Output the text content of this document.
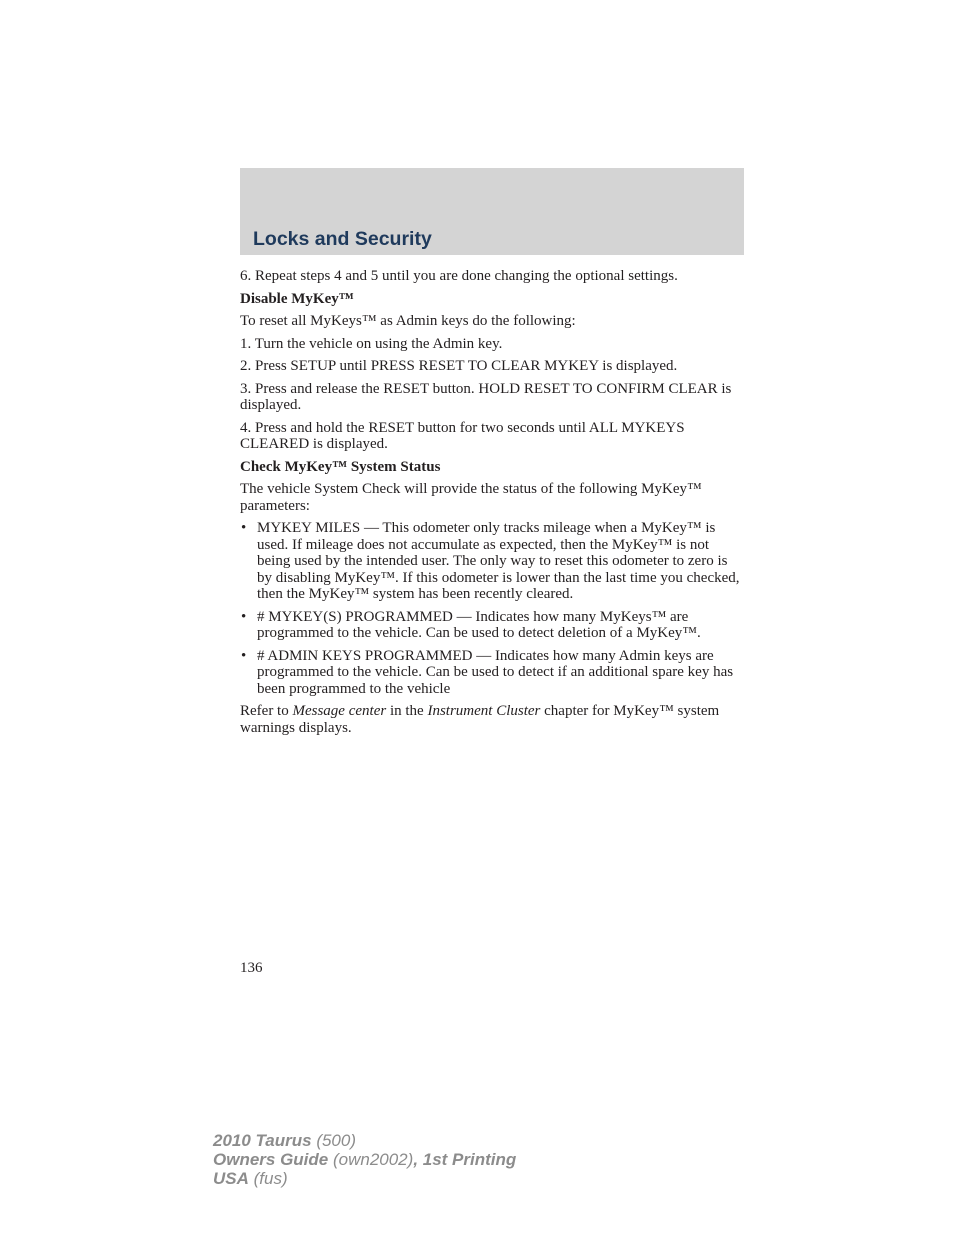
Locks and Security

6. Repeat steps 4 and 5 until you are done changing the optional settings.

Disable MyKey™

To reset all MyKeys™ as Admin keys do the following:

1. Turn the vehicle on using the Admin key.

2. Press SETUP until PRESS RESET TO CLEAR MYKEY is displayed.

3. Press and release the RESET button. HOLD RESET TO CONFIRM CLEAR is displayed.

4. Press and hold the RESET button for two seconds until ALL MYKEYS CLEARED is displayed.

Check MyKey™ System Status

The vehicle System Check will provide the status of the following MyKey™ parameters:

• MYKEY MILES — This odometer only tracks mileage when a MyKey™ is used. If mileage does not accumulate as expected, then the MyKey™ is not being used by the intended user. The only way to reset this odometer to zero is by disabling MyKey™. If this odometer is lower than the last time you checked, then the MyKey™ system has been recently cleared.
• # MYKEY(S) PROGRAMMED — Indicates how many MyKeys™ are programmed to the vehicle. Can be used to detect deletion of a MyKey™.
• # ADMIN KEYS PROGRAMMED — Indicates how many Admin keys are programmed to the vehicle. Can be used to detect if an additional spare key has been programmed to the vehicle

Refer to Message center in the Instrument Cluster chapter for MyKey™ system warnings displays.

136
2010 Taurus (500)
Owners Guide (own2002), 1st Printing
USA (fus)
